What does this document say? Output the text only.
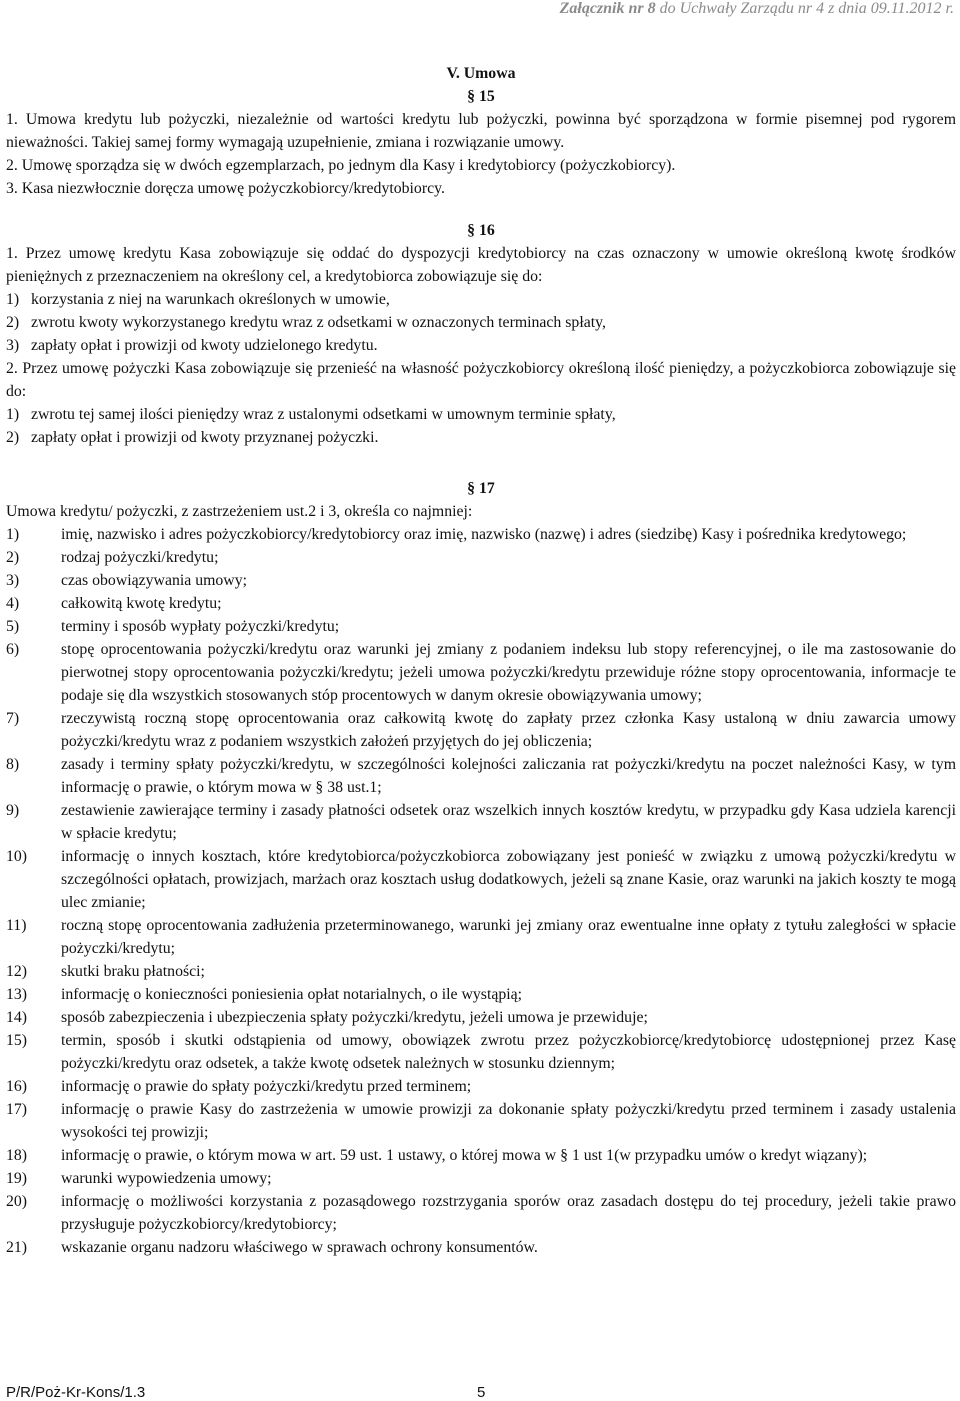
Załącznik nr 8 do Uchwały Zarządu nr 4 z dnia 09.11.2012 r.
V. Umowa
§ 15
1. Umowa kredytu lub pożyczki, niezależnie od wartości kredytu lub pożyczki, powinna być sporządzona w formie pisemnej pod rygorem nieważności. Takiej samej formy wymagają uzupełnienie, zmiana i rozwiązanie umowy.
2. Umowę sporządza się w dwóch egzemplarzach, po jednym dla Kasy i kredytobiorcy (pożyczkobiorcy).
3. Kasa niezwłocznie doręcza umowę pożyczkobiorcy/kredytobiorcy.
§ 16
1. Przez umowę kredytu Kasa zobowiązuje się oddać do dyspozycji kredytobiorcy na czas oznaczony w umowie określoną kwotę środków pieniężnych z przeznaczeniem na określony cel, a kredytobiorca zobowiązuje się do:
1) korzystania z niej na warunkach określonych w umowie,
2) zwrotu kwoty wykorzystanego kredytu wraz z odsetkami w oznaczonych terminach spłaty,
3) zapłaty opłat i prowizji od kwoty udzielonego kredytu.
2. Przez umowę pożyczki Kasa zobowiązuje się przenieść na własność pożyczkobiorcy określoną ilość pieniędzy, a pożyczkobiorca zobowiązuje się do:
1) zwrotu tej samej ilości pieniędzy wraz z ustalonymi odsetkami w umownym terminie spłaty,
2) zapłaty opłat i prowizji od kwoty przyznanej pożyczki.
§ 17
Umowa kredytu/ pożyczki, z zastrzeżeniem ust.2 i 3, określa co najmniej:
1)	imię, nazwisko i adres pożyczkobiorcy/kredytobiorcy oraz imię, nazwisko (nazwę) i adres (siedzibę) Kasy i pośrednika kredytowego;
2)	rodzaj pożyczki/kredytu;
3)	czas obowiązywania umowy;
4)	całkowitą kwotę kredytu;
5)	terminy i sposób wypłaty pożyczki/kredytu;
6)	stopę oprocentowania pożyczki/kredytu oraz warunki jej zmiany z podaniem indeksu lub stopy referencyjnej, o ile ma zastosowanie do pierwotnej stopy oprocentowania pożyczki/kredytu; jeżeli umowa pożyczki/kredytu przewiduje różne stopy oprocentowania, informacje te podaje się dla wszystkich stosowanych stóp procentowych w danym okresie obowiązywania umowy;
7)	rzeczywistą roczną stopę oprocentowania oraz całkowitą kwotę do zapłaty przez członka Kasy ustaloną w dniu zawarcia umowy pożyczki/kredytu wraz z podaniem wszystkich założeń przyjętych do jej obliczenia;
8)	zasady i terminy spłaty pożyczki/kredytu, w szczególności kolejności zaliczania rat pożyczki/kredytu na poczet należności Kasy, w tym informację o prawie, o którym mowa w § 38 ust.1;
9)	zestawienie zawierające terminy i zasady płatności odsetek oraz wszelkich innych kosztów kredytu, w przypadku gdy Kasa udziela karencji w spłacie kredytu;
10)	informację o innych kosztach, które kredytobiorca/pożyczkobiorca zobowiązany jest ponieść w związku z umową pożyczki/kredytu w szczególności opłatach, prowizjach, marżach oraz kosztach usług dodatkowych, jeżeli są znane Kasie, oraz warunki na jakich koszty te mogą ulec zmianie;
11)	roczną stopę oprocentowania zadłużenia przeterminowanego, warunki jej zmiany oraz ewentualne inne opłaty z tytułu zaległości w spłacie pożyczki/kredytu;
12)	skutki braku płatności;
13)	informację o konieczności poniesienia opłat notarialnych, o ile wystąpią;
14)	sposób zabezpieczenia i ubezpieczenia spłaty pożyczki/kredytu, jeżeli umowa je przewiduje;
15)	termin, sposób i skutki odstąpienia od umowy, obowiązek zwrotu przez pożyczkobiorcę/kredytobiorcę udostępnionej przez Kasę pożyczki/kredytu oraz odsetek, a także kwotę odsetek należnych w stosunku dziennym;
16)	informację o prawie do spłaty pożyczki/kredytu przed terminem;
17)	informację o prawie Kasy do zastrzeżenia w umowie prowizji za dokonanie spłaty pożyczki/kredytu przed terminem i zasady ustalenia wysokości tej prowizji;
18)	informację o prawie, o którym mowa w art. 59 ust. 1 ustawy, o której mowa w § 1 ust 1(w przypadku umów o kredyt wiązany);
19)	warunki wypowiedzenia umowy;
20)	informację o możliwości korzystania z pozasądowego rozstrzygania sporów oraz zasadach dostępu do tej procedury, jeżeli takie prawo przysługuje pożyczkobiorcy/kredytobiorcy;
21)	wskazanie organu nadzoru właściwego w sprawach ochrony konsumentów.
P/R/Poż-Kr-Kons/1.3	5
